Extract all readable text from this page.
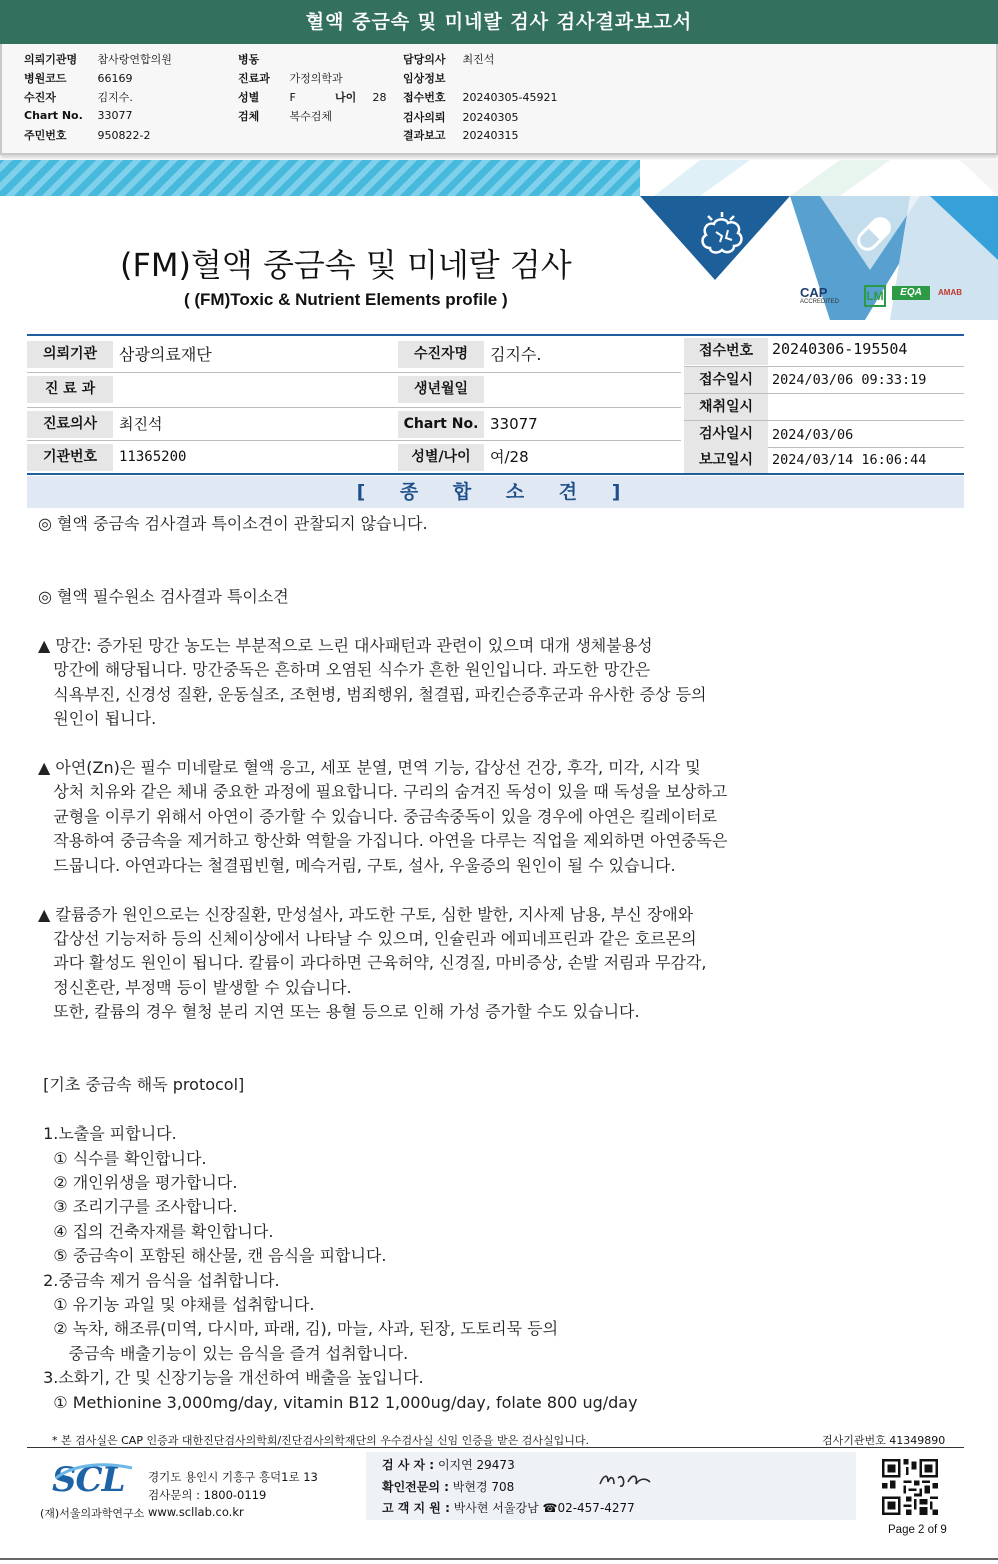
혈액 중금속 및 미네랄 검사 검사결과보고서
의뢰기관명 참사랑연합의원
병원코드	66169
수진자	김지수.
Chart No. 33077
주민번호	950822-2
병동
진료과 가정의학과
성별	F	나이 28
검체	복수검체
담당의사 최진석
임상정보
접수번호 20240305-45921
검사의뢰 20240305
결과보고 20240315
CAP
ACCREDITED LM	EQA	AMAB
(FM)혈액 중금속 및 미네랄 검사
( (FM)Toxic & Nutrient Elements profile )
의뢰기관	삼광의료재단	수진자명	김지수.
진 료 과	생년월일
진료의사	최진석	Chart No. 33077
기관번호	11365200	성별/나이	여/28
접수번호	20240306-195504
접수일시	2024/03/06 09:33:19
채취일시
검사일시	2024/03/06
보고일시	2024/03/14 16:06:44
[ 종 합 소 견 ]

◎ 혈액 중금속 검사결과 특이소견이 관찰되지 않습니다.

◎ 혈액 필수원소 검사결과 특이소견

▲ 망간: 증가된 망간 농도는 부분적으로 느린 대사패턴과 관련이 있으며 대개 생체불용성

망간에 해당됩니다. 망간중독은 흔하며 오염된 식수가 흔한 원인입니다. 과도한 망간은

식욕부진, 신경성 질환, 운동실조, 조현병, 범죄행위, 철결핍, 파킨슨증후군과 유사한 증상 등의

원인이 됩니다.

▲ 아연(Zn)은 필수 미네랄로 혈액 응고, 세포 분열, 면역 기능, 갑상선 건강, 후각, 미각, 시각 및

상처 치유와 같은 체내 중요한 과정에 필요합니다. 구리의 숨겨진 독성이 있을 때 독성을 보상하고

균형을 이루기 위해서 아연이 증가할 수 있습니다. 중금속중독이 있을 경우에 아연은 킬레이터로

작용하여 중금속을 제거하고 항산화 역할을 가집니다. 아연을 다루는 직업을 제외하면 아연중독은

드뭅니다. 아연과다는 철결핍빈혈, 메슥거림, 구토, 설사, 우울증의 원인이 될 수 있습니다.

▲ 칼륨증가 원인으로는 신장질환, 만성설사, 과도한 구토, 심한 발한, 지사제 남용, 부신 장애와

갑상선 기능저하 등의 신체이상에서 나타날 수 있으며, 인슐린과 에피네프린과 같은 호르몬의

과다 활성도 원인이 됩니다. 칼륨이 과다하면 근육허약, 신경질, 마비증상, 손발 저림과 무감각,

정신혼란, 부정맥 등이 발생할 수 있습니다.

또한, 칼륨의 경우 혈청 분리 지연 또는 용혈 등으로 인해 가성 증가할 수도 있습니다.

[기초 중금속 해독 protocol]

1.노출을 피합니다.

① 식수를 확인합니다.

② 개인위생을 평가합니다.

③ 조리기구를 조사합니다.

④ 집의 건축자재를 확인합니다.

⑤ 중금속이 포함된 해산물, 캔 음식을 피합니다.

2.중금속 제거 음식을 섭취합니다.

① 유기농 과일 및 야채를 섭취합니다.

② 녹차, 해조류(미역, 다시마, 파래, 김), 마늘, 사과, 된장, 도토리묵 등의

중금속 배출기능이 있는 음식을 즐겨 섭취합니다.

3.소화기, 간 및 신장기능을 개선하여 배출을 높입니다.

① Methionine 3,000mg/day, vitamin B12 1,000ug/day, folate 800 ug/day

* 본 검사실은 CAP 인증과 대한진단검사의학회/진단검사의학재단의 우수검사실 신임 인증을 받은 검사실입니다.	검사기관번호 41349890
SCL
(재)서울의과학연구소
경기도 용인시 기흥구 흥덕1로 13
검사문의 : 1800-0119
www.scllab.co.kr
검 사 자 : 이지연 29473
확인전문의 : 박현경 708
고 객 지 원 : 박사현 서울강남 ☎02-457-4277
Page 2 of 9
